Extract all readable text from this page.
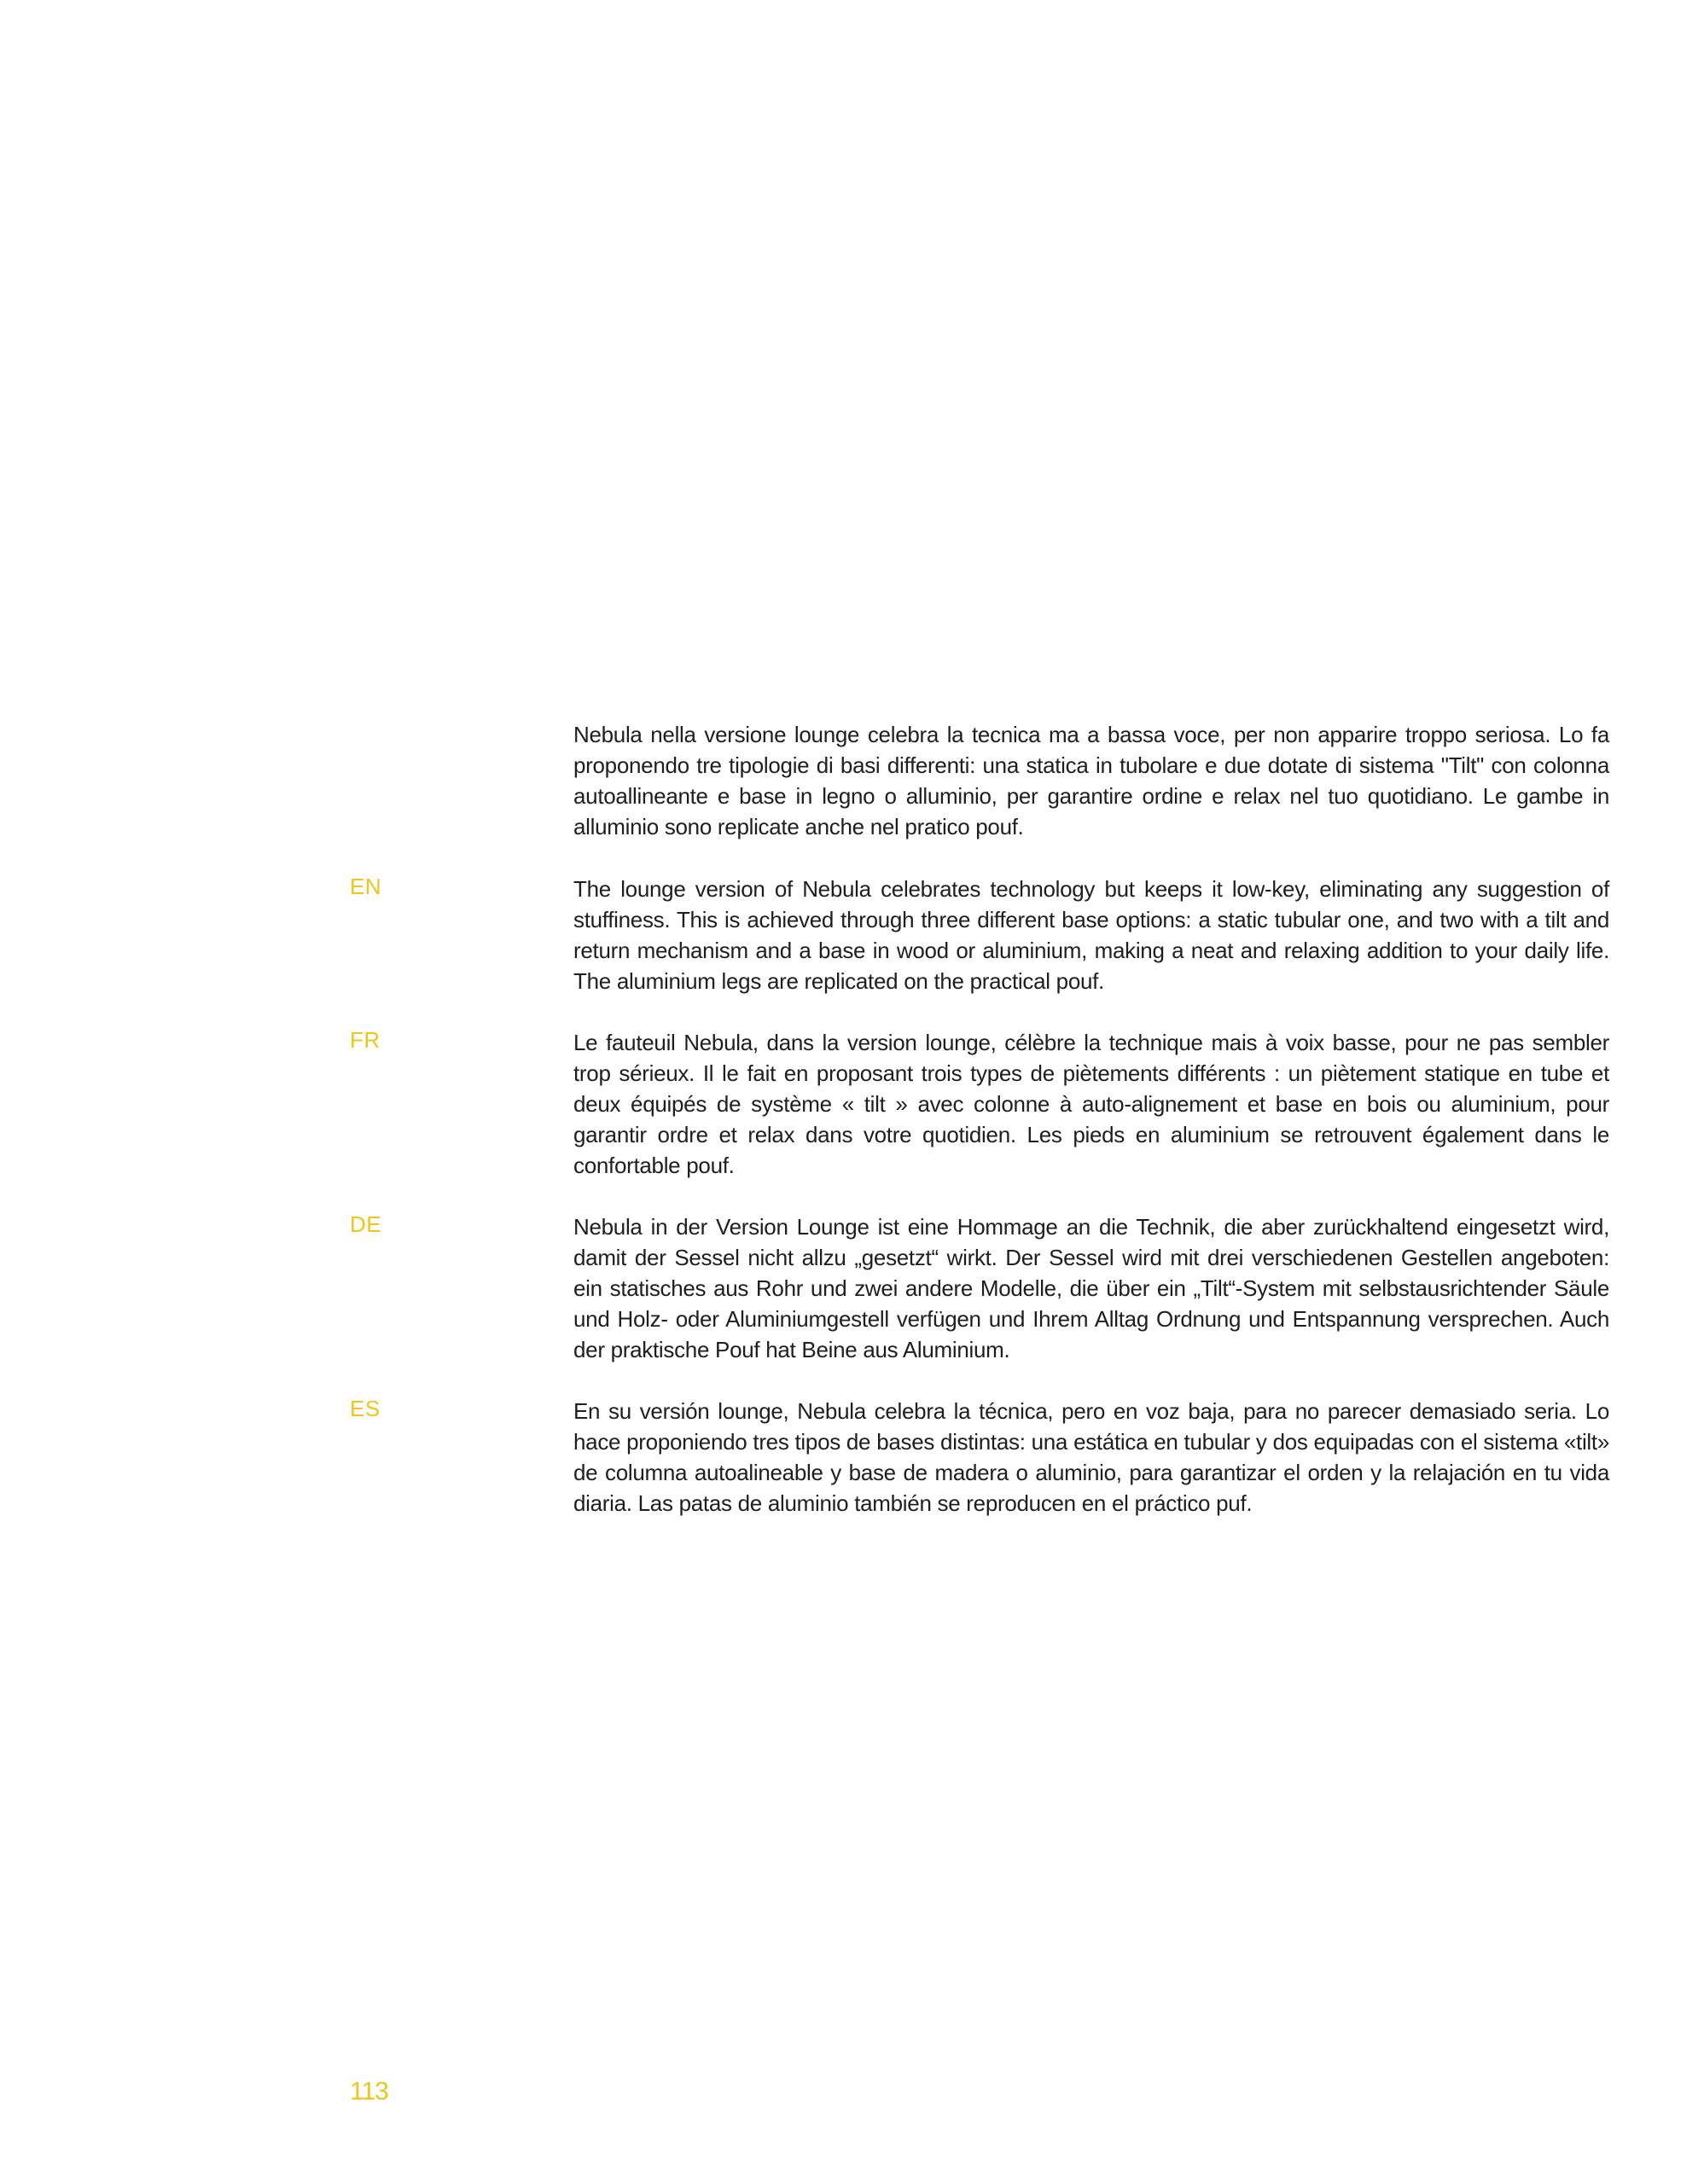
Nebula nella versione lounge celebra la tecnica ma a bassa voce, per non apparire troppo seriosa. Lo fa proponendo tre tipologie di basi differenti: una statica in tubolare e due dotate di sistema "Tilt" con colonna autoallineante e base in legno o alluminio, per garantire ordine e relax nel tuo quotidiano. Le gambe in alluminio sono replicate anche nel pratico pouf.

EN	The lounge version of Nebula celebrates technology but keeps it low-key, eliminating any suggestion of stuffiness. This is achieved through three different base options: a static tubular one, and two with a tilt and return mechanism and a base in wood or aluminium, making a neat and relaxing addition to your daily life. The aluminium legs are replicated on the practical pouf.

FR	Le fauteuil Nebula, dans la version lounge, célèbre la technique mais à voix basse, pour ne pas sembler trop sérieux. Il le fait en proposant trois types de piètements différents : un piètement statique en tube et deux équipés de système « tilt » avec colonne à auto-alignement et base en bois ou aluminium, pour garantir ordre et relax dans votre quotidien. Les pieds en aluminium se retrouvent également dans le confortable pouf.

DE	Nebula in der Version Lounge ist eine Hommage an die Technik, die aber zurückhaltend eingesetzt wird, damit der Sessel nicht allzu „gesetzt“ wirkt. Der Sessel wird mit drei verschiedenen Gestellen angeboten: ein statisches aus Rohr und zwei andere Modelle, die über ein „Tilt“-System mit selbstausrichtender Säule und Holz- oder Aluminiumgestell verfügen und Ihrem Alltag Ordnung und Entspannung versprechen. Auch der praktische Pouf hat Beine aus Aluminium.

ES	En su versión lounge, Nebula celebra la técnica, pero en voz baja, para no parecer demasiado seria. Lo hace proponiendo tres tipos de bases distintas: una estática en tubular y dos equipadas con el sistema «tilt» de columna autoalineable y base de madera o aluminio, para garantizar el orden y la relajación en tu vida diaria. Las patas de aluminio también se reproducen en el práctico puf.

113
